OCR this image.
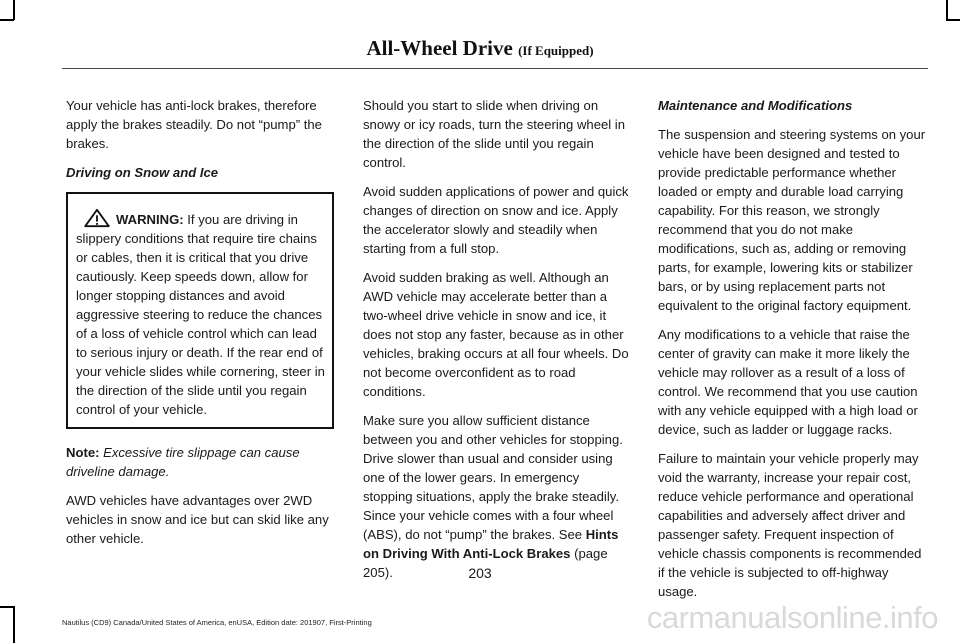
All-Wheel Drive (If Equipped)

Your vehicle has anti-lock brakes, therefore apply the brakes steadily. Do not “pump” the brakes.

Driving on Snow and Ice

WARNING: If you are driving in slippery conditions that require tire chains or cables, then it is critical that you drive cautiously. Keep speeds down, allow for longer stopping distances and avoid aggressive steering to reduce the chances of a loss of vehicle control which can lead to serious injury or death. If the rear end of your vehicle slides while cornering, steer in the direction of the slide until you regain control of your vehicle.

Note: Excessive tire slippage can cause driveline damage.

AWD vehicles have advantages over 2WD vehicles in snow and ice but can skid like any other vehicle.

Should you start to slide when driving on snowy or icy roads, turn the steering wheel in the direction of the slide until you regain control.

Avoid sudden applications of power and quick changes of direction on snow and ice. Apply the accelerator slowly and steadily when starting from a full stop.

Avoid sudden braking as well. Although an AWD vehicle may accelerate better than a two-wheel drive vehicle in snow and ice, it does not stop any faster, because as in other vehicles, braking occurs at all four wheels. Do not become overconfident as to road conditions.

Make sure you allow sufficient distance between you and other vehicles for stopping. Drive slower than usual and consider using one of the lower gears. In emergency stopping situations, apply the brake steadily. Since your vehicle comes with a four wheel (ABS), do not “pump” the brakes. See Hints on Driving With Anti-Lock Brakes (page 205).

Maintenance and Modifications

The suspension and steering systems on your vehicle have been designed and tested to provide predictable performance whether loaded or empty and durable load carrying capability. For this reason, we strongly recommend that you do not make modifications, such as, adding or removing parts, for example, lowering kits or stabilizer bars, or by using replacement parts not equivalent to the original factory equipment.

Any modifications to a vehicle that raise the center of gravity can make it more likely the vehicle may rollover as a result of a loss of control. We recommend that you use caution with any vehicle equipped with a high load or device, such as ladder or luggage racks.

Failure to maintain your vehicle properly may void the warranty, increase your repair cost, reduce vehicle performance and operational capabilities and adversely affect driver and passenger safety. Frequent inspection of vehicle chassis components is recommended if the vehicle is subjected to off-highway usage.

203
Nautilus (CD9) Canada/United States of America, enUSA, Edition date: 201907, First-Printing	carmanualsonline.info
